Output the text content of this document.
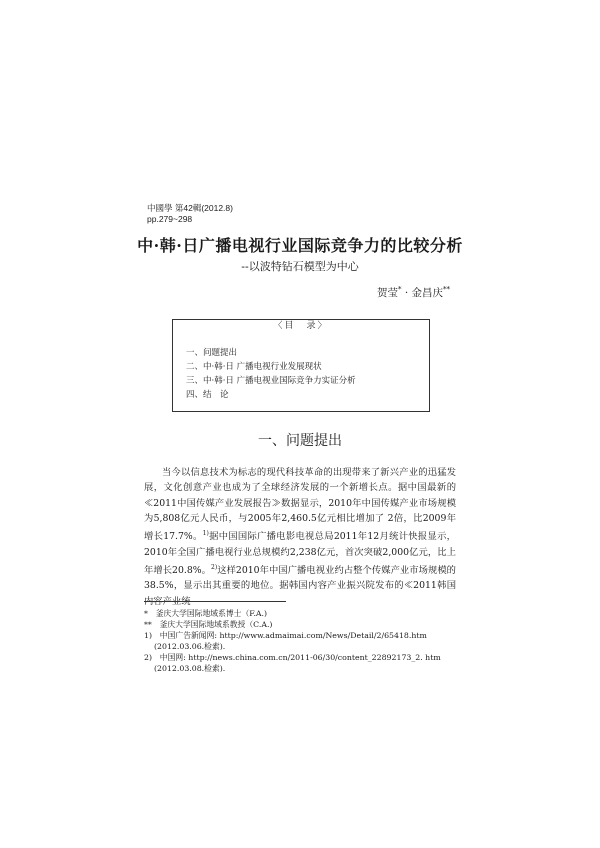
中國學 第42輯(2012.8)
pp.279~298
中·韩·日广播电视行业国际竞争力的比较分析
--以波特钻石模型为中心
贺莹* · 金昌庆**
〈目　录〉
一、问题提出
二、中·韩·日 广播电视行业发展现状
三、中·韩·日 广播电视业国际竞争力实证分析
四、结　论
一、问题提出

当今以信息技术为标志的现代科技革命的出现带来了新兴产业的迅猛发展，文化创意产业也成为了全球经济发展的一个新增长点。据中国最新的≪2011中国传媒产业发展报告≫数据显示，2010年中国传媒产业市场规模为5,808亿元人民币，与2005年2,460.5亿元相比增加了 2倍，比2009年增长17.7%。$^{1)}$据中国国际广播电影电视总局2011年12月统计快报显示，2010年全国广播电视行业总规模约2,238亿元，首次突破2,000亿元，比上年增长20.8%。$^{2)}$这样2010年中国广播电视业约占整个传媒产业市场规模的38.5%，显示出其重要的地位。据韩国内容产业振兴院发布的≪2011韩国内容产业统

*　釜庆大学国际地域系博士（F.A.)
**　釜庆大学国际地域系教授（C.A.)
1)　中国广告新闻网: http://www.admaimai.com/News/Detail/2/65418.htm
(2012.03.06.检索).
2)　中国网: http://news.china.com.cn/2011-06/30/content_22892173_2. htm
(2012.03.08.检索).
